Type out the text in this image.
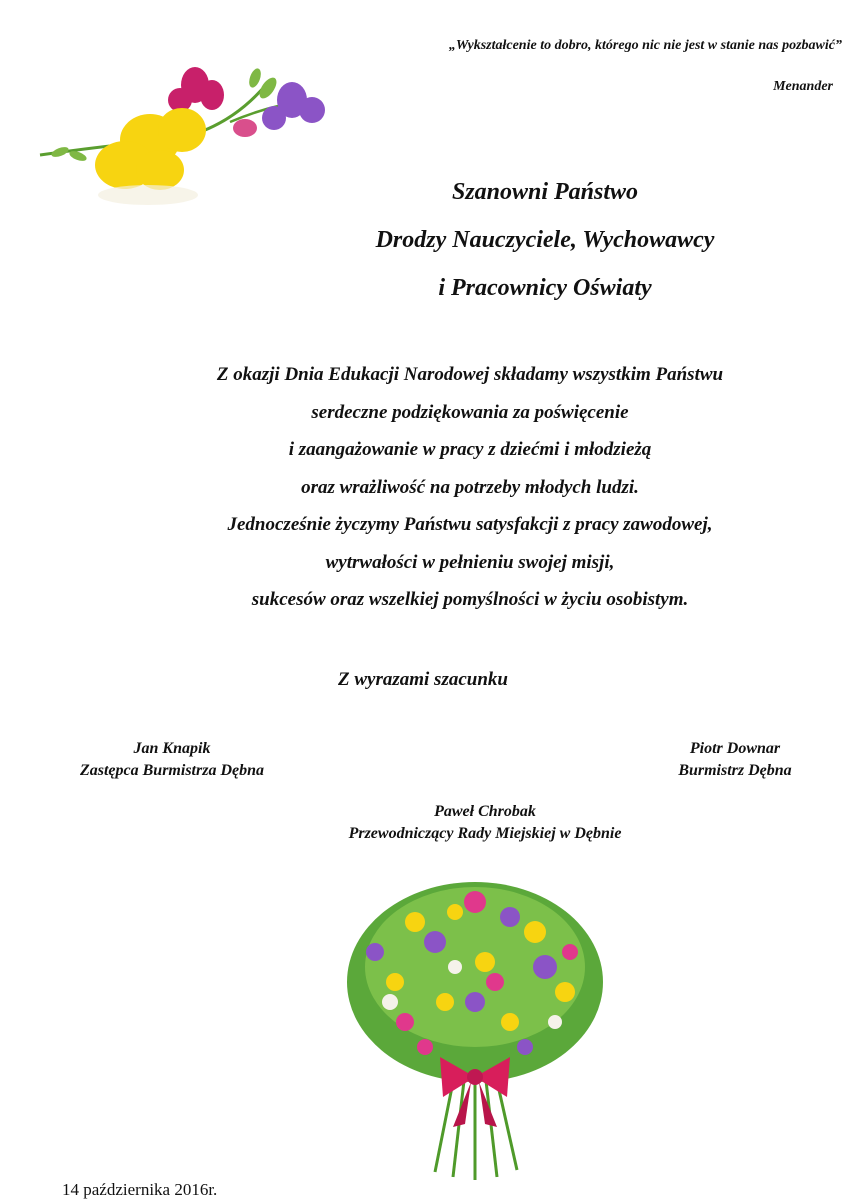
„Wykształcenie to dobro, którego nic nie jest w stanie nas pozbawić”
Menander
Szanowni Państwo
Drodzy Nauczyciele, Wychowawcy
i Pracownicy Oświaty
Z okazji Dnia Edukacji Narodowej składamy wszystkim Państwu
serdeczne podziękowania za poświęcenie
i zaangażowanie w pracy z dziećmi i młodzieżą
oraz wrażliwość na potrzeby młodych ludzi.
Jednocześnie życzymy Państwu satysfakcji z pracy zawodowej,
wytrwałości w pełnieniu swojej misji,
sukcesów oraz wszelkiej pomyślności w życiu osobistym.
Z wyrazami szacunku
Jan Knapik
Zastępca Burmistrza Dębna
Piotr Downar
Burmistrz Dębna
Paweł Chrobak
Przewodniczący Rady Miejskiej w Dębnie
14 października 2016r.
